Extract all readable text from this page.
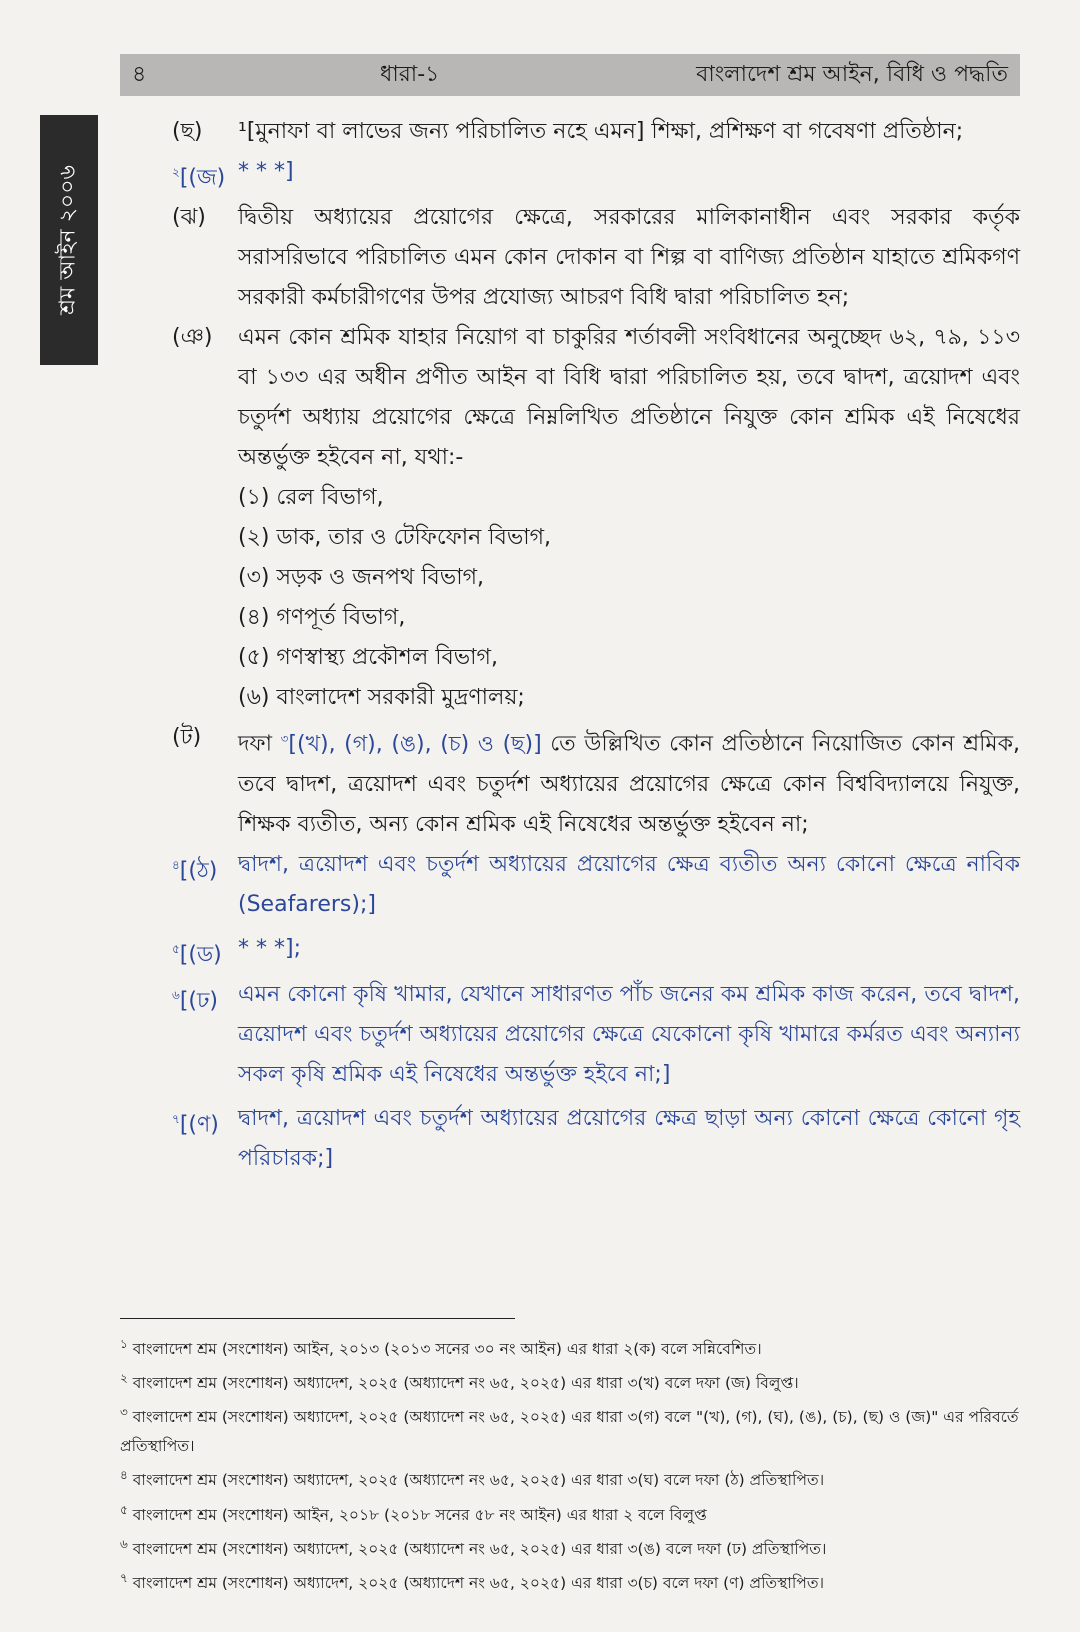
৪	ধারা-১	বাংলাদেশ শ্রম আইন, বিধি ও পদ্ধতি
শ্রম আইন ২০০৬
(ছ)	¹[মুনাফা বা লাভের জন্য পরিচালিত নহে এমন] শিক্ষা, প্রশিক্ষণ বা গবেষণা প্রতিষ্ঠান;
$^২$[(জ) * * *]
(ঝ)	দ্বিতীয় অধ্যায়ের প্রয়োগের ক্ষেত্রে, সরকারের মালিকানাধীন এবং সরকার কর্তৃক সরাসরিভাবে পরিচালিত এমন কোন দোকান বা শিল্প বা বাণিজ্য প্রতিষ্ঠান যাহাতে শ্রমিকগণ সরকারী কর্মচারীগণের উপর প্রযোজ্য আচরণ বিধি দ্বারা পরিচালিত হন;
(ঞ)	এমন কোন শ্রমিক যাহার নিয়োগ বা চাকুরির শর্তাবলী সংবিধানের অনুচ্ছেদ ৬২, ৭৯, ১১৩ বা ১৩৩ এর অধীন প্রণীত আইন বা বিধি দ্বারা পরিচালিত হয়, তবে দ্বাদশ, ত্রয়োদশ এবং চতুর্দশ অধ্যায় প্রয়োগের ক্ষেত্রে নিম্নলিখিত প্রতিষ্ঠানে নিযুক্ত কোন শ্রমিক এই নিষেধের অন্তর্ভুক্ত হইবেন না, যথা:-
(১) রেল বিভাগ,
(২) ডাক, তার ও টেফিফোন বিভাগ,
(৩) সড়ক ও জনপথ বিভাগ,
(৪) গণপূর্ত বিভাগ,
(৫) গণস্বাস্থ্য প্রকৌশল বিভাগ,
(৬) বাংলাদেশ সরকারী মুদ্রণালয়;
(ট)	দফা $^৩$[(খ), (গ), (ঙ), (চ) ও (ছ)] তে উল্লিখিত কোন প্রতিষ্ঠানে নিয়োজিত কোন শ্রমিক, তবে দ্বাদশ, ত্রয়োদশ এবং চতুর্দশ অধ্যায়ের প্রয়োগের ক্ষেত্রে কোন বিশ্ববিদ্যালয়ে নিযুক্ত, শিক্ষক ব্যতীত, অন্য কোন শ্রমিক এই নিষেধের অন্তর্ভুক্ত হইবেন না;
$^৪$[(ঠ) দ্বাদশ, ত্রয়োদশ এবং চতুর্দশ অধ্যায়ের প্রয়োগের ক্ষেত্র ব্যতীত অন্য কোনো ক্ষেত্রে নাবিক (Seafarers);]
$^৫$[(ড) * * *];
$^৬$[(ঢ) এমন কোনো কৃষি খামার, যেখানে সাধারণত পাঁচ জনের কম শ্রমিক কাজ করেন, তবে দ্বাদশ, ত্রয়োদশ এবং চতুর্দশ অধ্যায়ের প্রয়োগের ক্ষেত্রে যেকোনো কৃষি খামারে কর্মরত এবং অন্যান্য সকল কৃষি শ্রমিক এই নিষেধের অন্তর্ভুক্ত হইবে না;]
$^৭$[(ণ) দ্বাদশ, ত্রয়োদশ এবং চতুর্দশ অধ্যায়ের প্রয়োগের ক্ষেত্র ছাড়া অন্য কোনো ক্ষেত্রে কোনো গৃহ পরিচারক;]

$^১$ বাংলাদেশ শ্রম (সংশোধন) আইন, ২০১৩ (২০১৩ সনের ৩০ নং আইন) এর ধারা ২(ক) বলে সন্নিবেশিত।

$^২$ বাংলাদেশ শ্রম (সংশোধন) অধ্যাদেশ, ২০২৫ (অধ্যাদেশ নং ৬৫, ২০২৫) এর ধারা ৩(খ) বলে দফা (জ) বিলুপ্ত।

$^৩$ বাংলাদেশ শ্রম (সংশোধন) অধ্যাদেশ, ২০২৫ (অধ্যাদেশ নং ৬৫, ২০২৫) এর ধারা ৩(গ) বলে "(খ), (গ), (ঘ), (ঙ), (চ), (ছ) ও (জ)" এর পরিবর্তে প্রতিস্থাপিত।

$^৪$ বাংলাদেশ শ্রম (সংশোধন) অধ্যাদেশ, ২০২৫ (অধ্যাদেশ নং ৬৫, ২০২৫) এর ধারা ৩(ঘ) বলে দফা (ঠ) প্রতিস্থাপিত।

$^৫$ বাংলাদেশ শ্রম (সংশোধন) আইন, ২০১৮ (২০১৮ সনের ৫৮ নং আইন) এর ধারা ২ বলে বিলুপ্ত

$^৬$ বাংলাদেশ শ্রম (সংশোধন) অধ্যাদেশ, ২০২৫ (অধ্যাদেশ নং ৬৫, ২০২৫) এর ধারা ৩(ঙ) বলে দফা (ঢ) প্রতিস্থাপিত।

$^৭$ বাংলাদেশ শ্রম (সংশোধন) অধ্যাদেশ, ২০২৫ (অধ্যাদেশ নং ৬৫, ২০২৫) এর ধারা ৩(চ) বলে দফা (ণ) প্রতিস্থাপিত।
